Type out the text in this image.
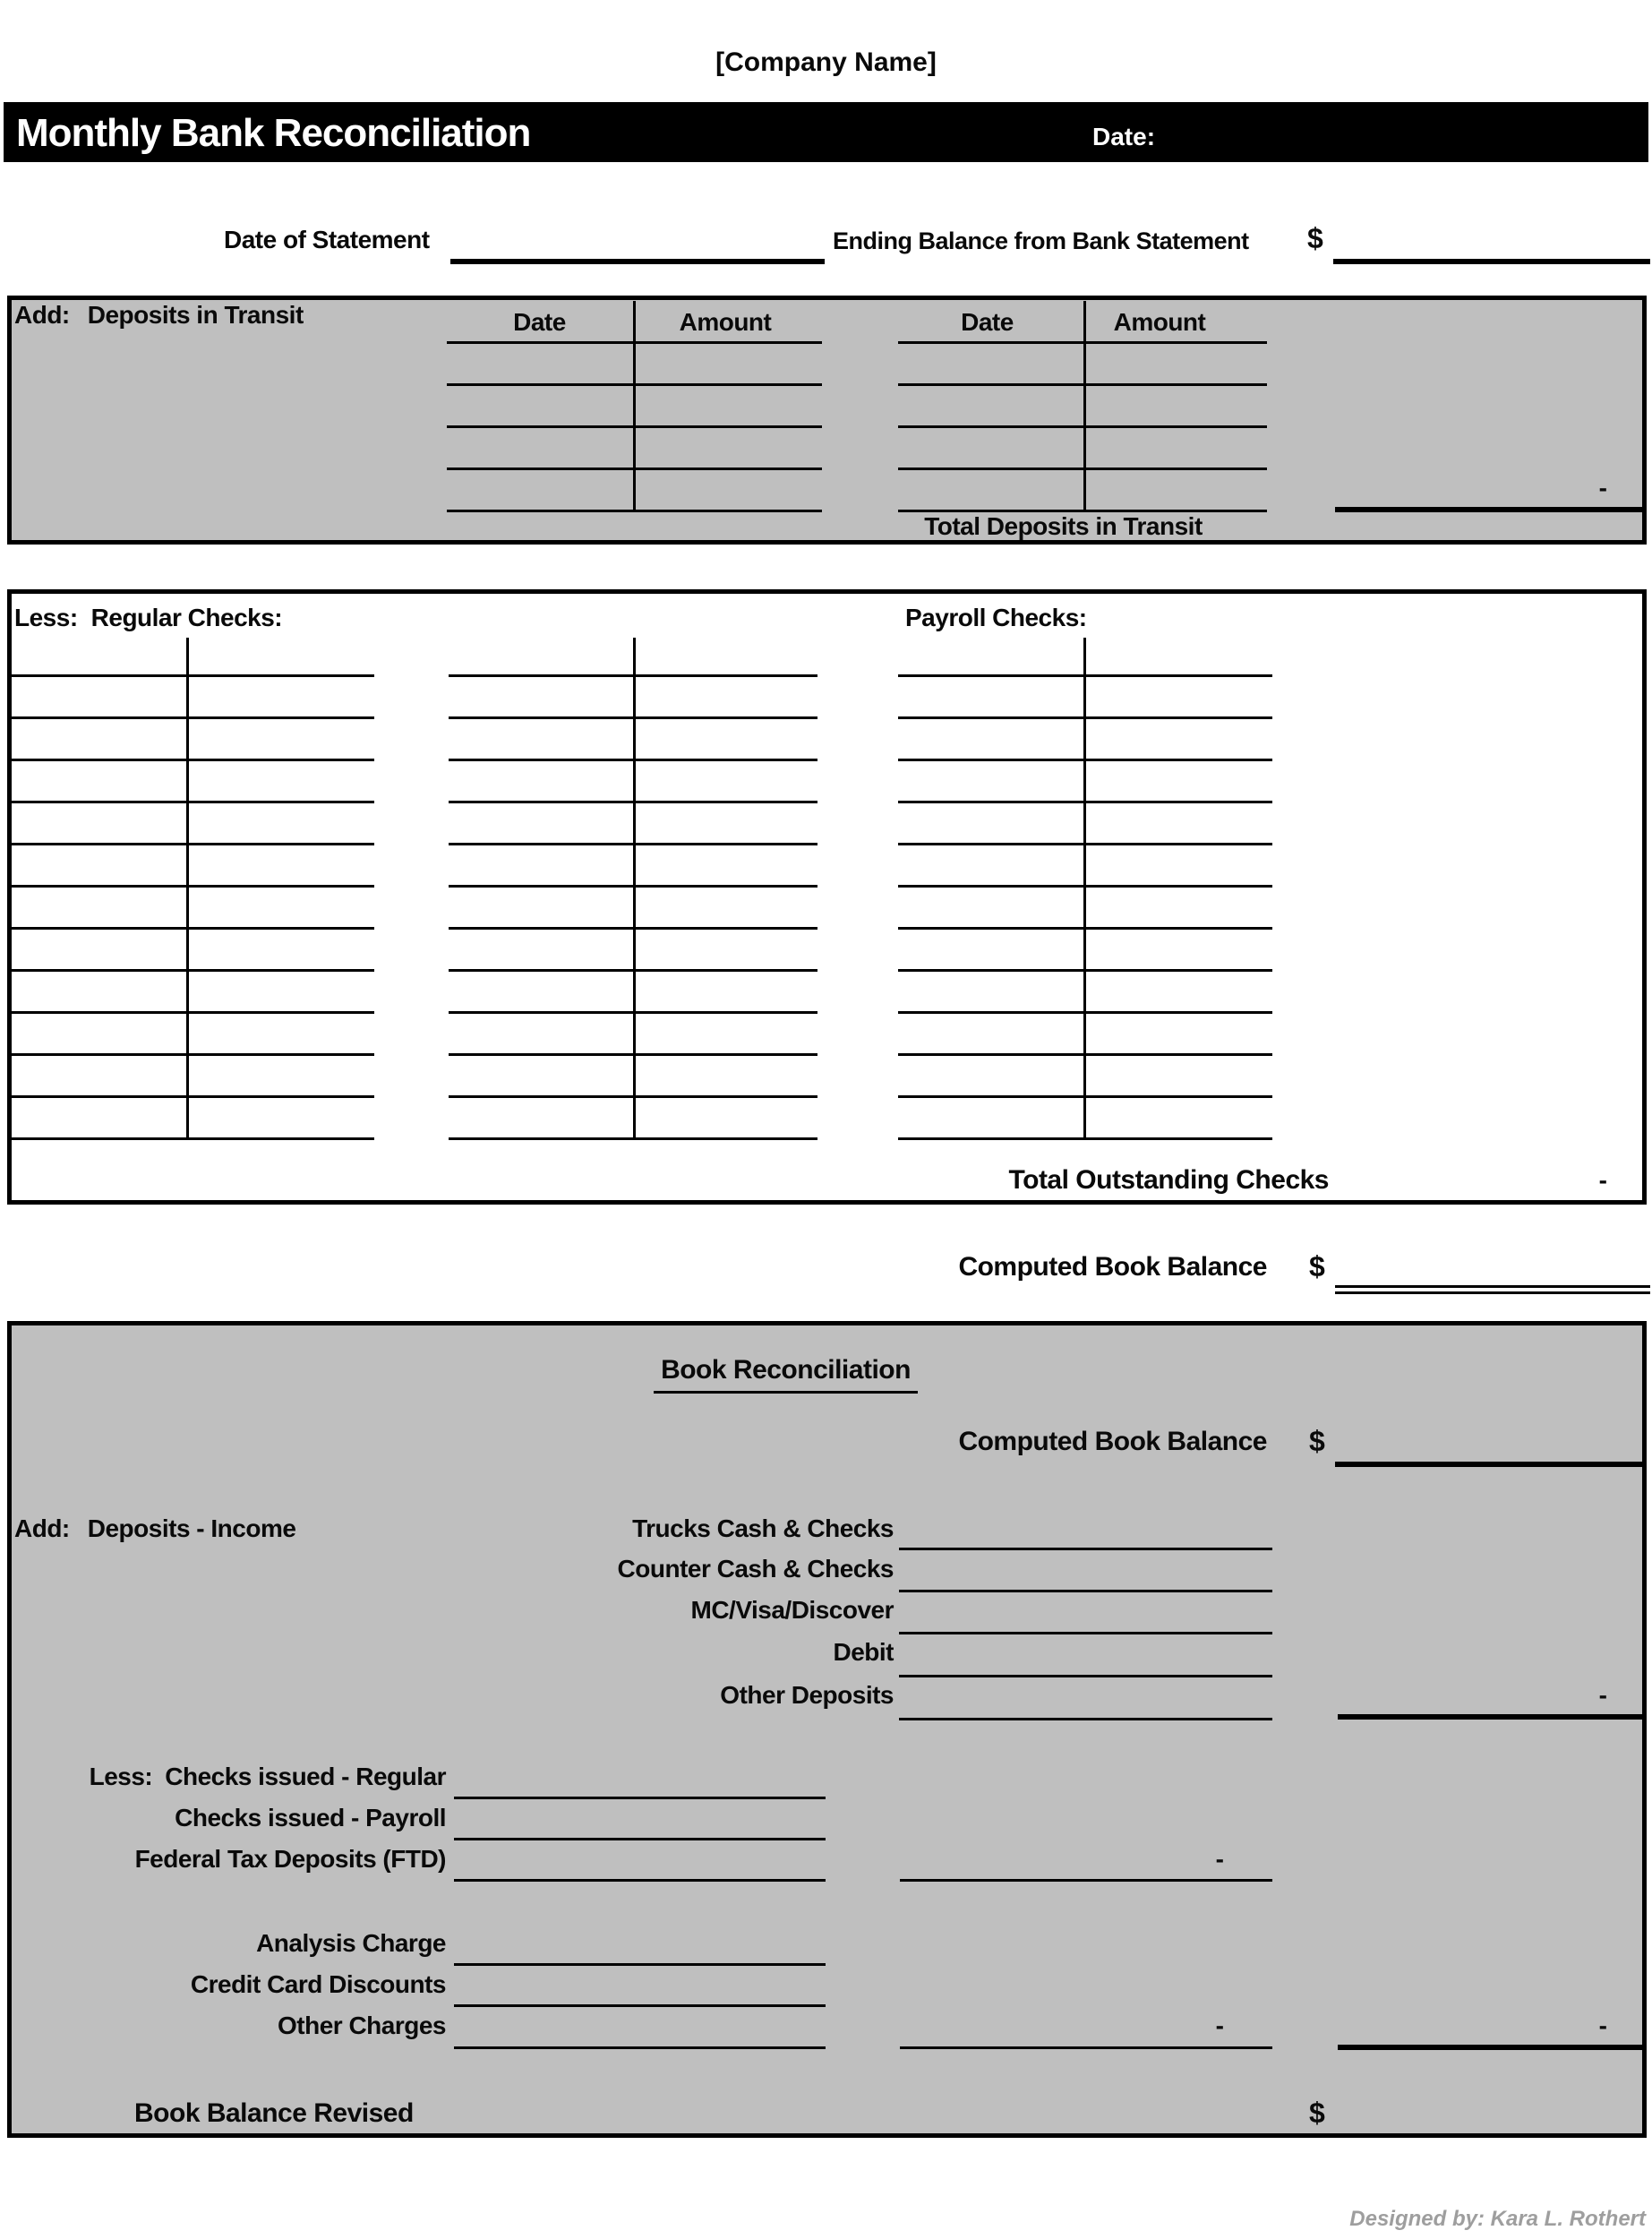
[Company Name]
Monthly Bank Reconciliation	Date:
Date of Statement	Ending Balance from Bank Statement $
Add: Deposits in Transit	Date	Amount	Date	Amount
-
Total Deposits in Transit
Less: Regular Checks:	Payroll Checks:
Total Outstanding Checks	-
Computed Book Balance $
Book Reconciliation
Computed Book Balance $
Add: Deposits - Income	Trucks Cash & Checks
Counter Cash & Checks
MC/Visa/Discover
Debit
Other Deposits	-
Less: Checks issued - Regular
Checks issued - Payroll
Federal Tax Deposits (FTD)	-
Analysis Charge
Credit Card Discounts
Other Charges	-	-
Book Balance Revised	$
Designed by: Kara L. Rothert
